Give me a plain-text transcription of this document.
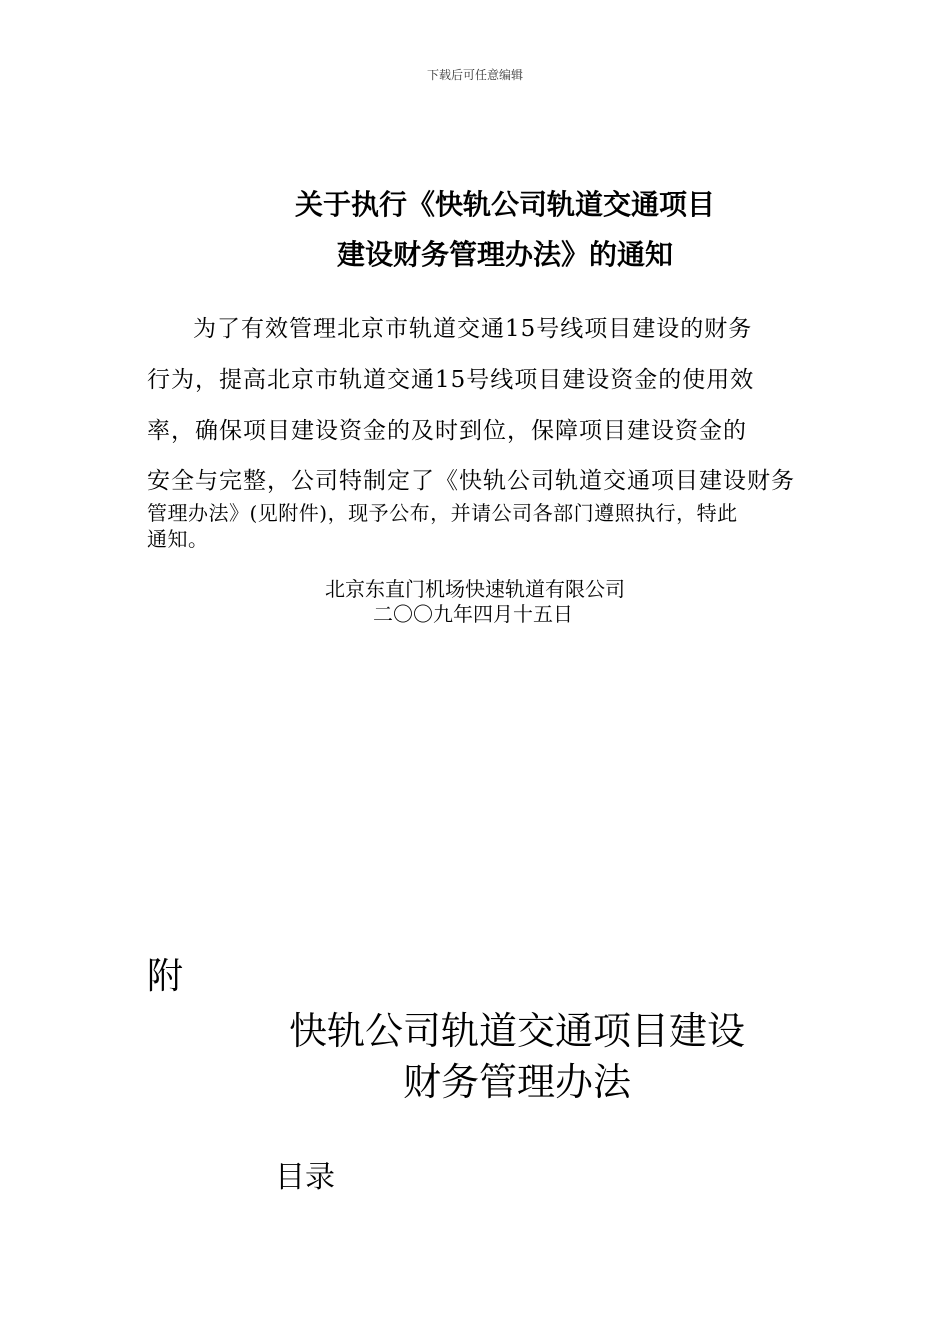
下载后可任意编辑
关于执行《快轨公司轨道交通项目
建设财务管理办法》的通知
为了有效管理北京市轨道交通15号线项目建设的财务
行为，提高北京市轨道交通15号线项目建设资金的使用效
率，确保项目建设资金的及时到位，保障项目建设资金的
安全与完整，公司特制定了《快轨公司轨道交通项目建设财务
管理办法》(见附件)，现予公布，并请公司各部门遵照执行，特此
通知。
北京东直门机场快速轨道有限公司
二〇〇九年四月十五日
附
快轨公司轨道交通项目建设
财务管理办法
目录
